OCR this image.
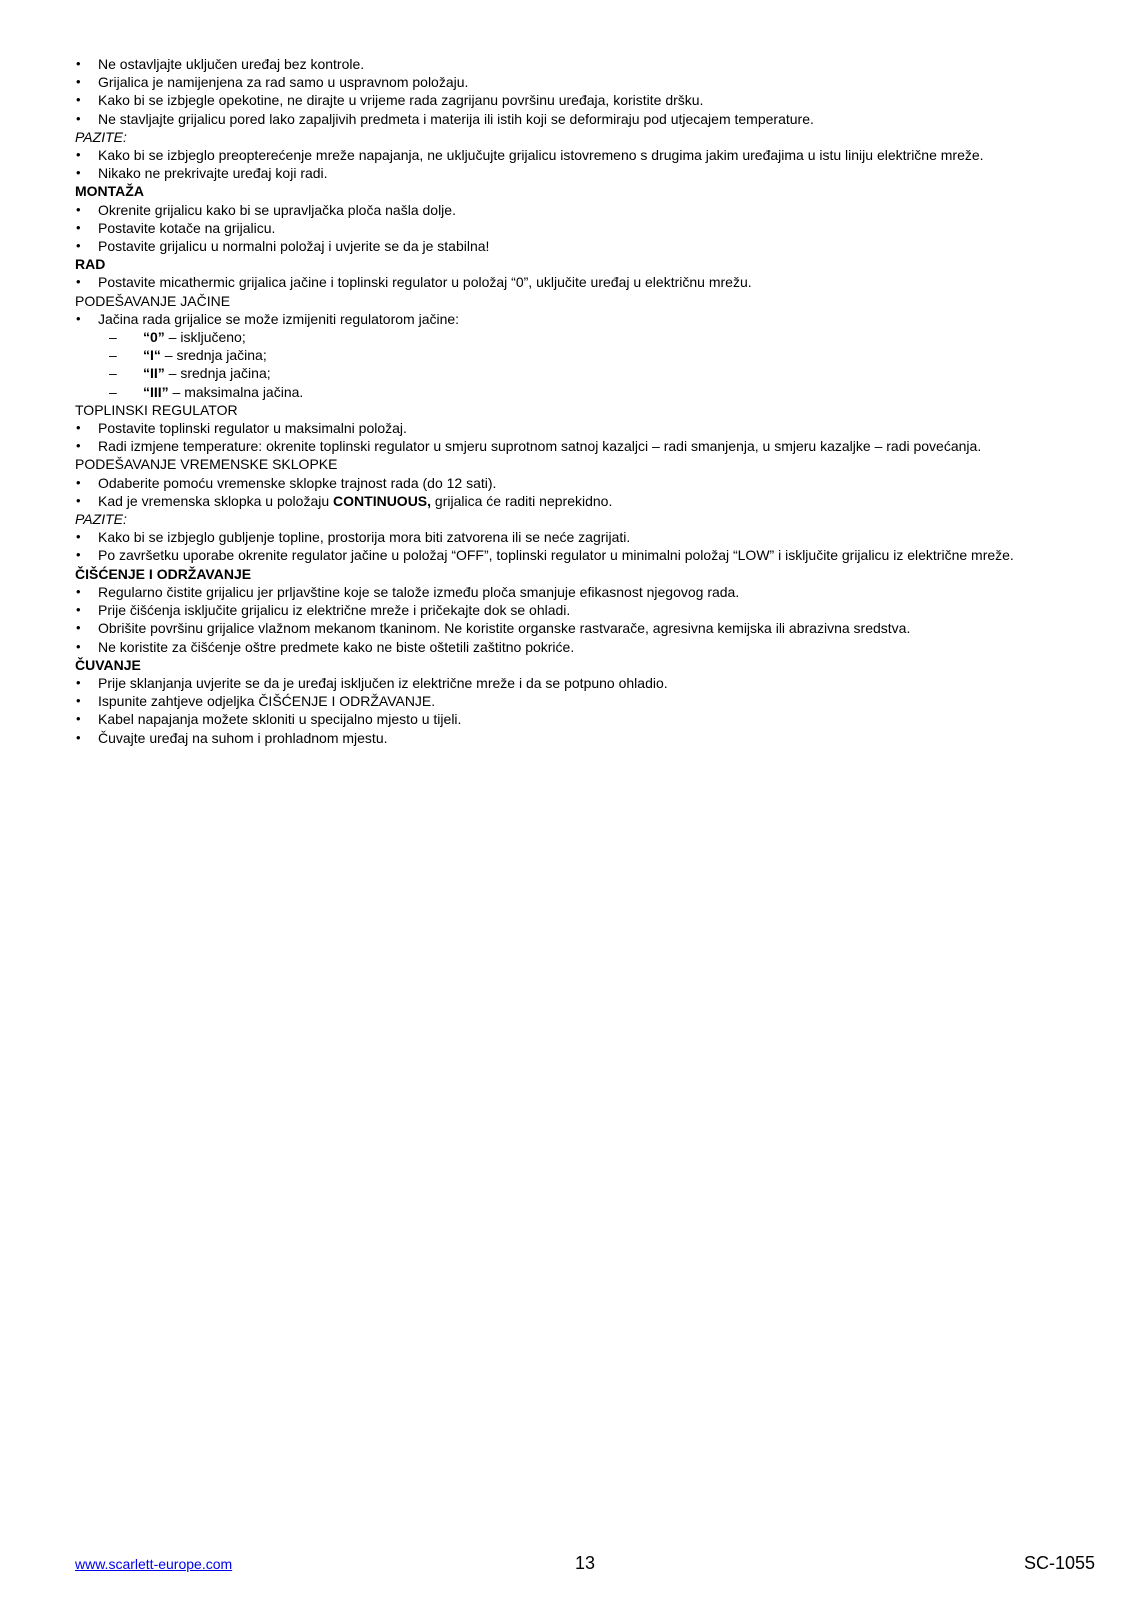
• Ne ostavljajte uključen uređaj bez kontrole.
• Grijalica je namijenjena za rad samo u uspravnom položaju.
• Kako bi se izbjegle opekotine, ne dirajte u vrijeme rada zagrijanu površinu uređaja, koristite dršku.
• Ne stavljajte grijalicu pored lako zapaljivih predmeta i materija ili istih koji se deformiraju pod utjecajem temperature.
PAZITE:
• Kako bi se izbjeglo preopterećenje mreže napajanja, ne uključujte grijalicu istovremeno s drugima jakim uređajima u istu liniju električne mreže.
• Nikako ne prekrivajte uređaj koji radi.
MONTAŽA
• Okrenite grijalicu kako bi se upravljačka ploča našla dolje.
• Postavite kotače na grijalicu.
• Postavite grijalicu u normalni položaj i uvjerite se da je stabilna!
RAD
• Postavite micathermic grijalica jačine i toplinski regulator u položaj “0”, uključite uređaj u električnu mrežu.
PODEŠAVANJE JAČINE
• Jačina rada grijalice se može izmijeniti regulatorom jačine:
– “0” – isključeno;
– “I“ – srednja jačina;
– “II” – srednja jačina;
– “III” – maksimalna jačina.
TOPLINSKI REGULATOR
• Postavite toplinski regulator u maksimalni položaj.
• Radi izmjene temperature: okrenite toplinski regulator u smjeru suprotnom satnoj kazaljci – radi smanjenja, u smjeru kazaljke – radi povećanja.
PODEŠAVANJE VREMENSKE SKLOPKE
• Odaberite pomoću vremenske sklopke trajnost rada (do 12 sati).
• Kad je vremenska sklopka u položaju CONTINUOUS, grijalica će raditi neprekidno.
PAZITE:
• Kako bi se izbjeglo gubljenje topline, prostorija mora biti zatvorena ili se neće zagrijati.
• Po završetku uporabe okrenite regulator jačine u položaj “OFF”, toplinski regulator u minimalni položaj “LOW” i isključite grijalicu iz električne mreže.
ČIŠĆENJE I ODRŽAVANJE
• Regularno čistite grijalicu jer prljavštine koje se talože između ploča smanjuje efikasnost njegovog rada.
• Prije čišćenja isključite grijalicu iz električne mreže i pričekajte dok se ohladi.
• Obrišite površinu grijalice vlažnom mekanom tkaninom. Ne koristite organske rastvarače, agresivna kemijska ili abrazivna sredstva.
• Ne koristite za čišćenje oštre predmete kako ne biste oštetili zaštitno pokriće.
ČUVANJE
• Prije sklanjanja uvjerite se da je uređaj isključen iz električne mreže i da se potpuno ohladio.
• Ispunite zahtjeve odjeljka ČIŠĆENJE I ODRŽAVANJE.
• Kabel napajanja možete skloniti u specijalno mjesto u tijeli.
• Čuvajte uređaj na suhom i prohladnom mjestu.
www.scarlett-europe.com	13	SC-1055
